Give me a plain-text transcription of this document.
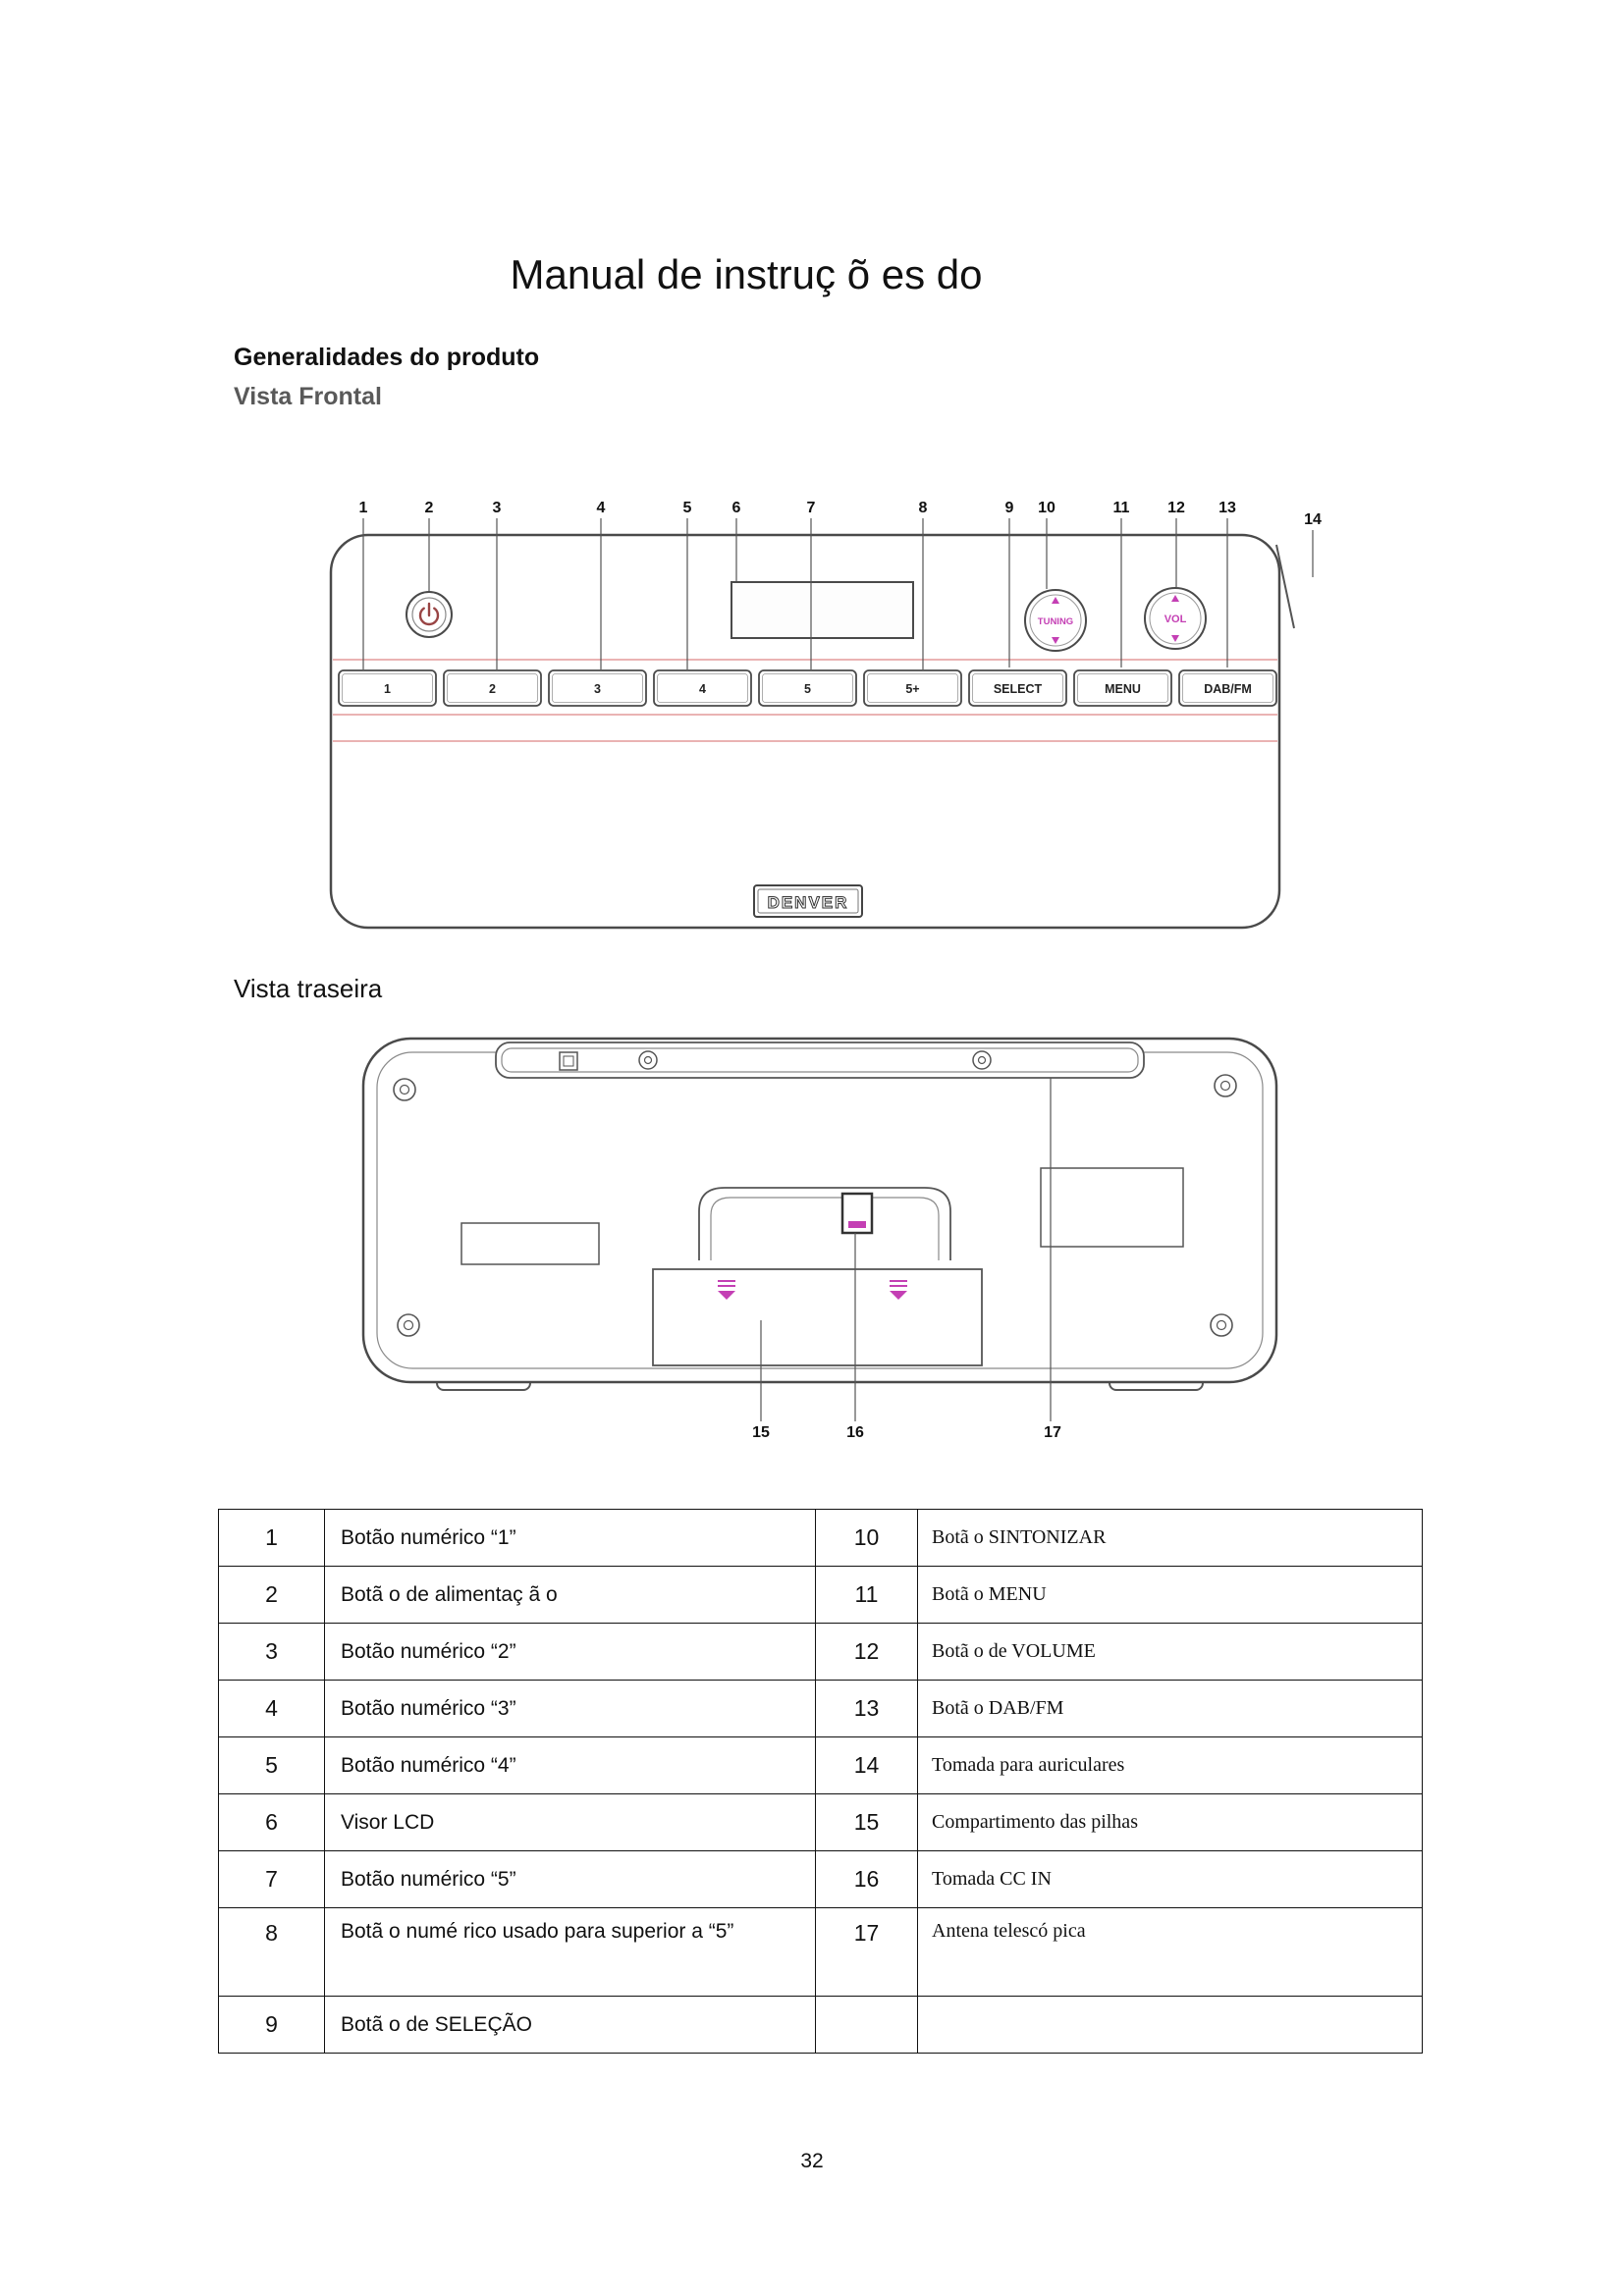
Manual de instruç õ es do
Generalidades do produto
Vista Frontal
TUNING	VOL
1	2	3	4	5	5+	SELECT	MENU	DAB/FM
DENVER
1	2	3	4	5	6	7	8	9 10	11 12 13
14
Vista traseira
15	16	17
1	Botão numérico “1”	10	Botã o SINTONIZAR
2	Botã o de alimentaç ã o	11	Botã o MENU
3	Botão numérico “2”	12	Botã o de VOLUME
4	Botão numérico “3”	13	Botã o DAB/FM
5	Botão numérico “4”	14	Tomada para auriculares
6	Visor LCD	15	Compartimento das pilhas
7	Botão numérico “5”	16	Tomada CC IN
8	Botã o numé rico usado para superior a “5”	17	Antena telescó pica
9	Botã o de SELEÇÃO		
32
